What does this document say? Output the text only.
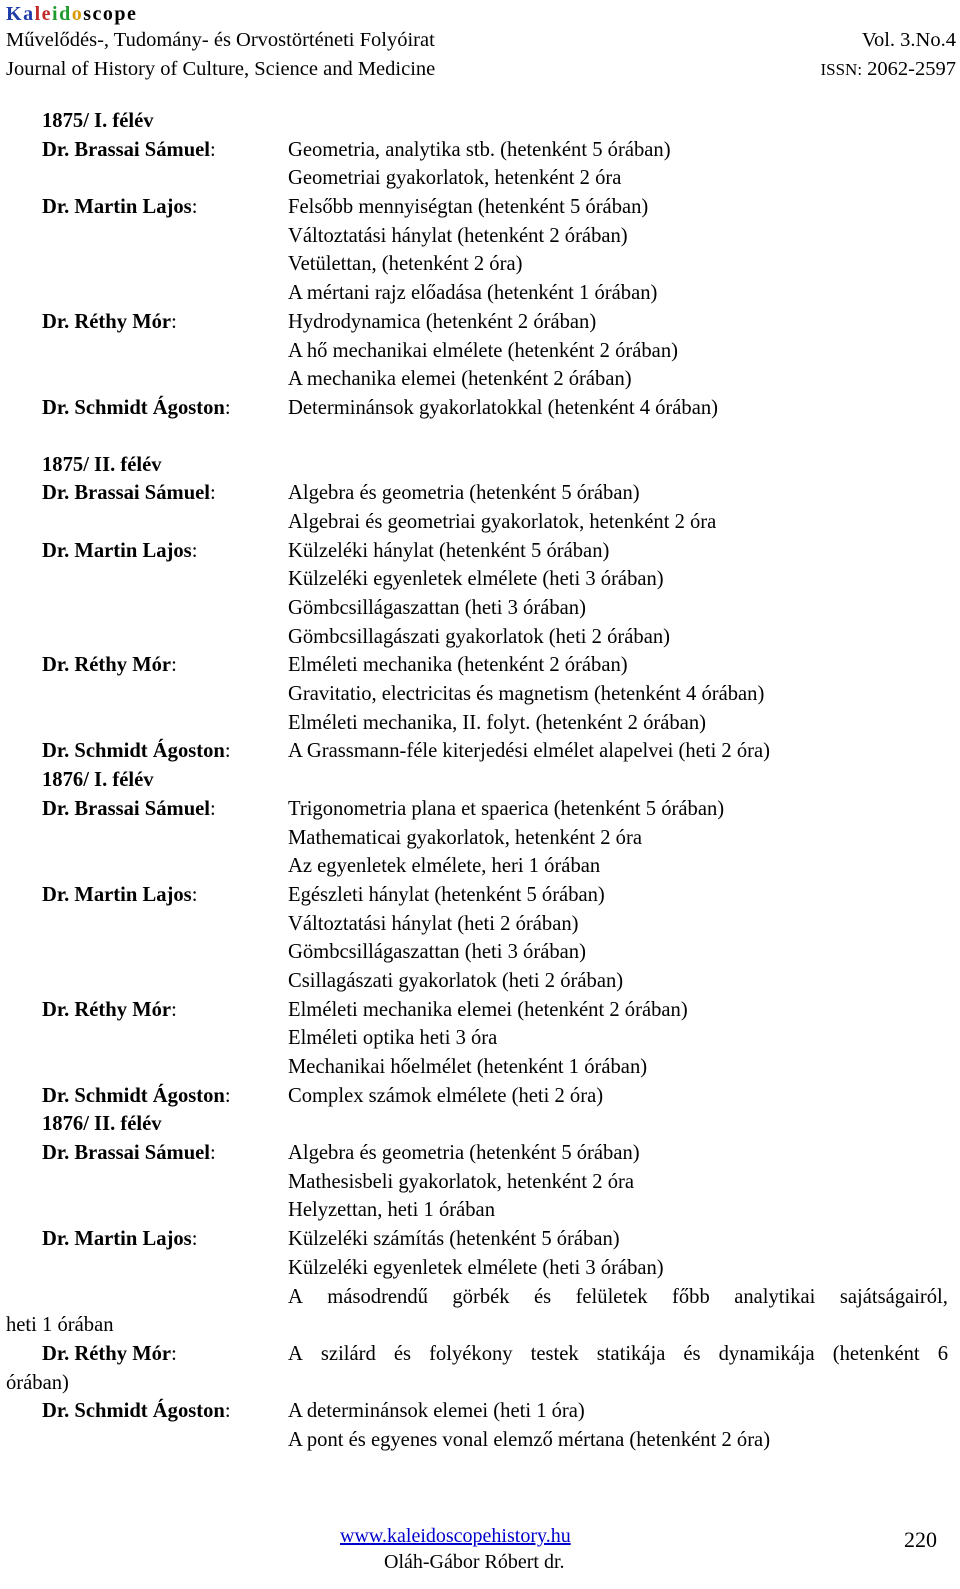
Kaleidoscope
Művelődés-, Tudomány- és Orvostörténeti Folyóirat	Vol. 3.No.4
Journal of History of Culture, Science and Medicine	ISSN: 2062-2597
1875/ I. félév
Dr. Brassai Sámuel:	Geometria, analytika stb. (hetenként 5 órában)
Geometriai gyakorlatok, hetenként 2 óra
Dr. Martin Lajos:	Felsőbb mennyiségtan (hetenként 5 órában)
Változtatási hánylat (hetenként 2 órában)
Vetülettan, (hetenként 2 óra)
A mértani rajz előadása (hetenként 1 órában)
Dr. Réthy Mór:	Hydrodynamica (hetenként 2 órában)
A hő mechanikai elmélete (hetenként 2 órában)
A mechanika elemei (hetenként 2 órában)
Dr. Schmidt Ágoston:	Determinánsok gyakorlatokkal (hetenként 4 órában)
1875/ II. félév
Dr. Brassai Sámuel:	Algebra és geometria (hetenként 5 órában)
Algebrai és geometriai gyakorlatok, hetenként 2 óra
Dr. Martin Lajos:	Külzeléki hánylat (hetenként 5 órában)
Külzeléki egyenletek elmélete (heti 3 órában)
Gömbcsillágaszattan (heti 3 órában)
Gömbcsillagászati gyakorlatok (heti 2 órában)
Dr. Réthy Mór:	Elméleti mechanika (hetenként 2 órában)
Gravitatio, electricitas és magnetism (hetenként 4 órában)
Elméleti mechanika, II. folyt. (hetenként 2 órában)
Dr. Schmidt Ágoston:	A Grassmann-féle kiterjedési elmélet alapelvei (heti 2 óra)
1876/ I. félév
Dr. Brassai Sámuel:	Trigonometria plana et spaerica (hetenként 5 órában)
Mathematicai gyakorlatok, hetenként 2 óra
Az egyenletek elmélete, heri 1 órában
Dr. Martin Lajos:	Egészleti hánylat (hetenként 5 órában)
Változtatási hánylat (heti 2 órában)
Gömbcsillágaszattan (heti 3 órában)
Csillagászati gyakorlatok (heti 2 órában)
Dr. Réthy Mór:	Elméleti mechanika elemei (hetenként 2 órában)
Elméleti optika heti 3 óra
Mechanikai hőelmélet (hetenként 1 órában)
Dr. Schmidt Ágoston:	Complex számok elmélete (heti 2 óra)
1876/ II. félév
Dr. Brassai Sámuel:	Algebra és geometria (hetenként 5 órában)
Mathesisbeli gyakorlatok, hetenként 2 óra
Helyzettan, heti 1 órában
Dr. Martin Lajos:	Külzeléki számítás (hetenként 5 órában)
Külzeléki egyenletek elmélete (heti 3 órában)
A másodrendű görbék és felületek főbb analytikai sajátságairól,
heti 1 órában
Dr. Réthy Mór:	A szilárd és folyékony testek statikája és dynamikája (hetenként 6
órában)
Dr. Schmidt Ágoston:	A determinánsok elemei (heti 1 óra)
A pont és egyenes vonal elemző mértana (hetenként 2 óra)
www.kaleidoscopehistory.hu
Oláh-Gábor Róbert dr.
220
